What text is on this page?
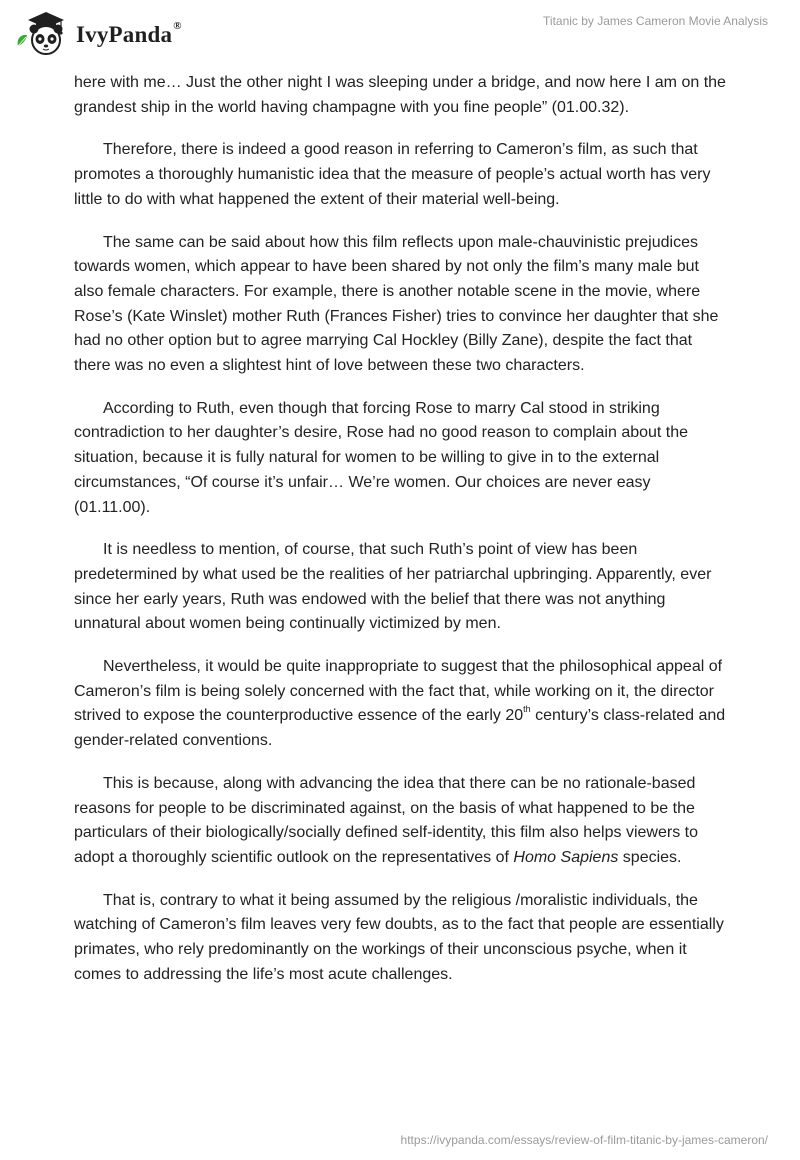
IvyPanda®	Titanic by James Cameron Movie Analysis

here with me… Just the other night I was sleeping under a bridge, and now here I am on the grandest ship in the world having champagne with you fine people” (01.00.32).

Therefore, there is indeed a good reason in referring to Cameron’s film, as such that promotes a thoroughly humanistic idea that the measure of people’s actual worth has very little to do with what happened the extent of their material well-being.

The same can be said about how this film reflects upon male-chauvinistic prejudices towards women, which appear to have been shared by not only the film’s many male but also female characters. For example, there is another notable scene in the movie, where Rose’s (Kate Winslet) mother Ruth (Frances Fisher) tries to convince her daughter that she had no other option but to agree marrying Cal Hockley (Billy Zane), despite the fact that there was no even a slightest hint of love between these two characters.

According to Ruth, even though that forcing Rose to marry Cal stood in striking contradiction to her daughter’s desire, Rose had no good reason to complain about the situation, because it is fully natural for women to be willing to give in to the external circumstances, “Of course it’s unfair… We’re women. Our choices are never easy (01.11.00).

It is needless to mention, of course, that such Ruth’s point of view has been predetermined by what used be the realities of her patriarchal upbringing. Apparently, ever since her early years, Ruth was endowed with the belief that there was not anything unnatural about women being continually victimized by men.

Nevertheless, it would be quite inappropriate to suggest that the philosophical appeal of Cameron’s film is being solely concerned with the fact that, while working on it, the director strived to expose the counterproductive essence of the early 20th century’s class-related and gender-related conventions.

This is because, along with advancing the idea that there can be no rationale-based reasons for people to be discriminated against, on the basis of what happened to be the particulars of their biologically/socially defined self-identity, this film also helps viewers to adopt a thoroughly scientific outlook on the representatives of Homo Sapiens species.

That is, contrary to what it being assumed by the religious /moralistic individuals, the watching of Cameron’s film leaves very few doubts, as to the fact that people are essentially primates, who rely predominantly on the workings of their unconscious psyche, when it comes to addressing the life’s most acute challenges.

https://ivypanda.com/essays/review-of-film-titanic-by-james-cameron/
